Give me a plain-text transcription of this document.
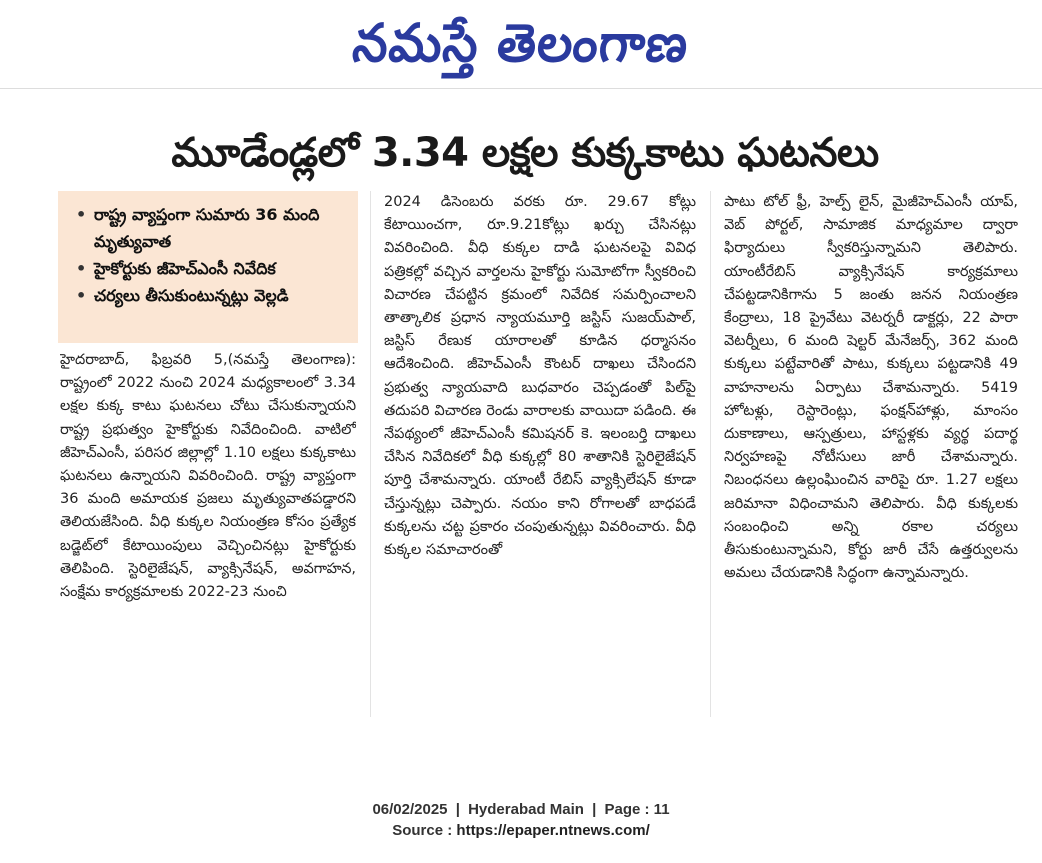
నమస్తే తెలంగాణ
మూడేండ్లలో 3.34 లక్షల కుక్కకాటు ఘటనలు
• రాష్ట్ర వ్యాప్తంగా సుమారు 36 మంది మృత్యువాత
• హైకోర్టుకు జీహెచ్‌ఎంసీ నివేదిక
• చర్యలు తీసుకుంటున్నట్లు వెల్లడి

హైదరాబాద్, ఫిబ్రవరి 5,(నమస్తే తెలంగాణ): రాష్ట్రంలో 2022 నుంచి 2024 మధ్యకాలంలో 3.34 లక్షల కుక్క కాటు ఘటనలు చోటు చేసుకున్నాయని రాష్ట్ర ప్రభుత్వం హైకోర్టుకు నివేదించింది. వాటిలో జీహెచ్ఎంసీ, పరిసర జిల్లాల్లో 1.10 లక్షలు కుక్కకాటు ఘటనలు ఉన్నాయని వివరించింది. రాష్ట్ర వ్యాప్తంగా 36 మంది అమాయక ప్రజలు మృత్యువాతపడ్డారని తెలియజేసింది. వీధి కుక్కల నియంత్రణ కోసం ప్రత్యేక బడ్జెట్‌లో కేటాయింపులు వెచ్చించినట్లు హైకోర్టుకు తెలిపింది. స్టెరిలైజేషన్, వ్యాక్సినేషన్, అవగాహన, సంక్షేమ కార్యక్రమాలకు 2022-23 నుంచి

2024 డిసెంబరు వరకు రూ. 29.67 కోట్లు కేటాయించగా, రూ.9.21కోట్లు ఖర్చు చేసినట్లు వివరించింది. వీధి కుక్కల దాడి ఘటనలపై వివిధ పత్రికల్లో వచ్చిన వార్తలను హైకోర్టు సుమోటోగా స్వీకరించి విచారణ చేపట్టిన క్రమంలో నివేదిక సమర్పించాలని తాత్కాలిక ప్రధాన న్యాయమూర్తి జస్టిస్ సుజయ్‌పాల్, జస్టిస్ రేణుక యారాలతో కూడిన ధర్మాసనం ఆదేశించింది. జీహెచ్ఎంసీ కౌంటర్ దాఖలు చేసిందని ప్రభుత్వ న్యాయవాది బుధవారం చెప్పడంతో పిల్‌పై తదుపరి విచారణ రెండు వారాలకు వాయిదా పడింది. ఈ నేపథ్యంలో జీహెచ్ఎంసీ కమిషనర్ కె. ఇలంబర్తి దాఖలు చేసిన నివేదికలో వీధి కుక్కల్లో 80 శాతానికి స్టెరిలైజేషన్ పూర్తి చేశామన్నారు. యాంటీ రేబిస్ వ్యాక్సిలేషన్ కూడా చేస్తున్నట్లు చెప్పారు. నయం కాని రోగాలతో బాధపడే కుక్కలను చట్ట ప్రకారం చంపుతున్నట్లు వివరించారు. వీధి కుక్కల సమాచారంతో

పాటు టోల్ ఫ్రీ, హెల్ప్ లైన్, మైజీహెచ్ఎంసీ యాప్, వెబ్ పోర్టల్, సామాజిక మాధ్యమాల ద్వారా ఫిర్యాదులు స్వీకరిస్తున్నామని తెలిపారు. యాంటీరేబిస్ వ్యాక్సినేషన్ కార్యక్రమాలు చేపట్టడానికిగాను 5 జంతు జనన నియంత్రణ కేంద్రాలు, 18 ప్రైవేటు వెటర్నరీ డాక్టర్లు, 22 పారా వెటర్నీలు, 6 మంది షెల్టర్ మేనేజర్స్, 362 మంది కుక్కలు పట్టేవారితో పాటు, కుక్కలు పట్టడానికి 49 వాహనాలను ఏర్పాటు చేశామన్నారు. 5419 హోటళ్లు, రెస్టారెంట్లు, ఫంక్షన్‌హాళ్లు, మాంసం దుకాణాలు, ఆస్పత్రులు, హాస్టళ్లకు వ్యర్థ పదార్థ నిర్వహణపై నోటీసులు జారీ చేశామన్నారు. నిబంధనలు ఉల్లంఘించిన వారిపై రూ. 1.27 లక్షలు జరిమానా విధించామని తెలిపారు. వీధి కుక్కలకు సంబంధించి అన్ని రకాల చర్యలు తీసుకుంటున్నామని, కోర్టు జారీ చేసే ఉత్తర్వులను అమలు చేయడానికి సిద్ధంగా ఉన్నామన్నారు.

06/02/2025 | Hyderabad Main | Page : 11
Source : https://epaper.ntnews.com/
